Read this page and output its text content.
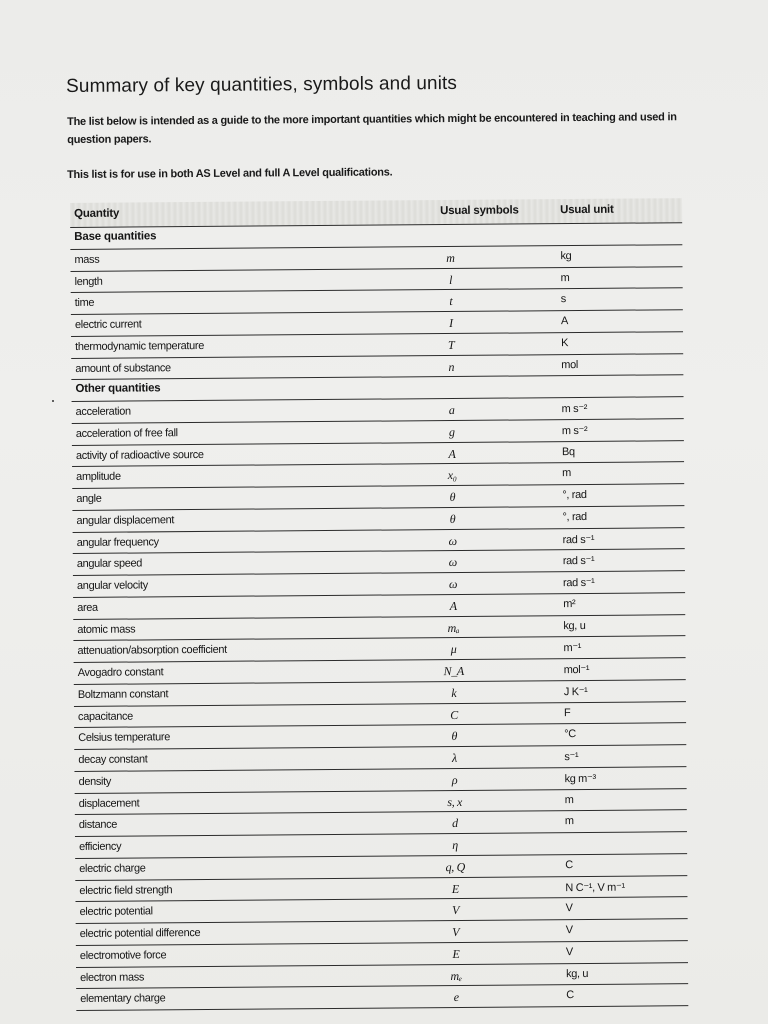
Summary of key quantities, symbols and units
The list below is intended as a guide to the more important quantities which might be encountered in teaching and used in question papers.
This list is for use in both AS Level and full A Level qualifications.
Quantity	Usual symbols	Usual unit
Base quantities
mass	m	kg
length	l	m
time	t	s
electric current	I	A
thermodynamic temperature	T	K
amount of substance	n	mol
Other quantities
acceleration	a	m s⁻²
acceleration of free fall	g	m s⁻²
activity of radioactive source	A	Bq
amplitude	x₀	m
angle	θ	°, rad
angular displacement	θ	°, rad
angular frequency	ω	rad s⁻¹
angular speed	ω	rad s⁻¹
angular velocity	ω	rad s⁻¹
area	A	m²
atomic mass	mₐ	kg, u
attenuation/absorption coefficient	μ	m⁻¹
Avogadro constant	N_A	mol⁻¹
Boltzmann constant	k	J K⁻¹
capacitance	C	F
Celsius temperature	θ	°C
decay constant	λ	s⁻¹
density	ρ	kg m⁻³
displacement	s, x	m
distance	d	m
efficiency	η
electric charge	q, Q	C
electric field strength	E	N C⁻¹, V m⁻¹
electric potential	V	V
electric potential difference	V	V
electromotive force	E	V
electron mass	mₑ	kg, u
elementary charge	e	C
